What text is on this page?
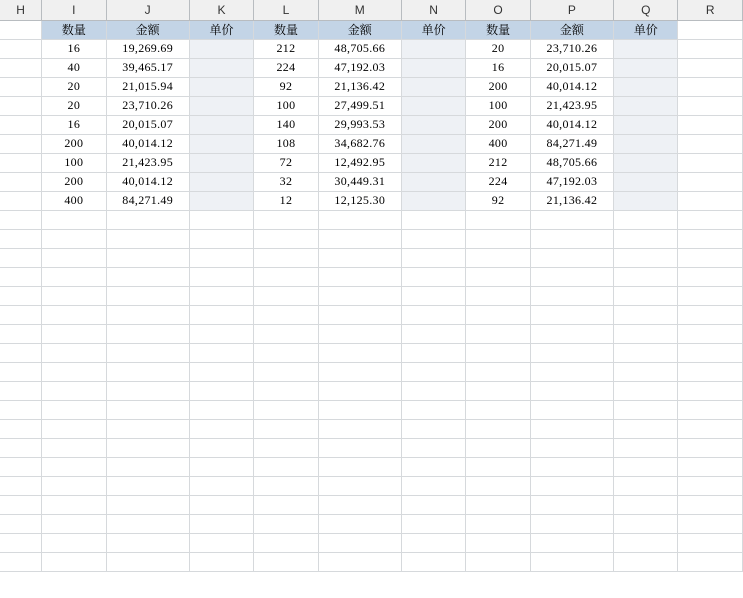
H	I	J	K	L	M	N	O	P	Q	R
	数量	金额	单价	数量	金额	单价	数量	金额	单价	
	16	19,269.69		212	48,705.66		20	23,710.26		
	40	39,465.17		224	47,192.03		16	20,015.07		
	20	21,015.94		92	21,136.42		200	40,014.12		
	20	23,710.26		100	27,499.51		100	21,423.95		
	16	20,015.07		140	29,993.53		200	40,014.12		
	200	40,014.12		108	34,682.76		400	84,271.49		
	100	21,423.95		72	12,492.95		212	48,705.66		
	200	40,014.12		32	30,449.31		224	47,192.03		
	400	84,271.49		12	12,125.30		92	21,136.42		
